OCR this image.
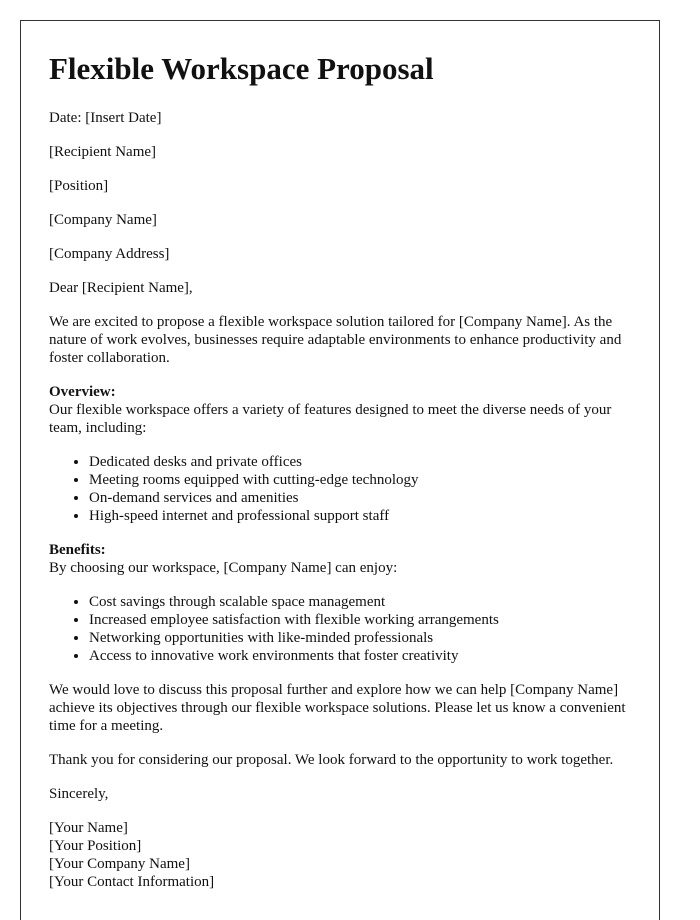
Flexible Workspace Proposal

Date: [Insert Date]

[Recipient Name]

[Position]

[Company Name]

[Company Address]

Dear [Recipient Name],

We are excited to propose a flexible workspace solution tailored for [Company Name]. As the nature of work evolves, businesses require adaptable environments to enhance productivity and foster collaboration.

Overview:
Our flexible workspace offers a variety of features designed to meet the diverse needs of your team, including:

• Dedicated desks and private offices
• Meeting rooms equipped with cutting-edge technology
• On-demand services and amenities
• High-speed internet and professional support staff

Benefits:
By choosing our workspace, [Company Name] can enjoy:

• Cost savings through scalable space management
• Increased employee satisfaction with flexible working arrangements
• Networking opportunities with like-minded professionals
• Access to innovative work environments that foster creativity

We would love to discuss this proposal further and explore how we can help [Company Name] achieve its objectives through our flexible workspace solutions. Please let us know a convenient time for a meeting.

Thank you for considering our proposal. We look forward to the opportunity to work together.

Sincerely,

[Your Name]
[Your Position]
[Your Company Name]
[Your Contact Information]
